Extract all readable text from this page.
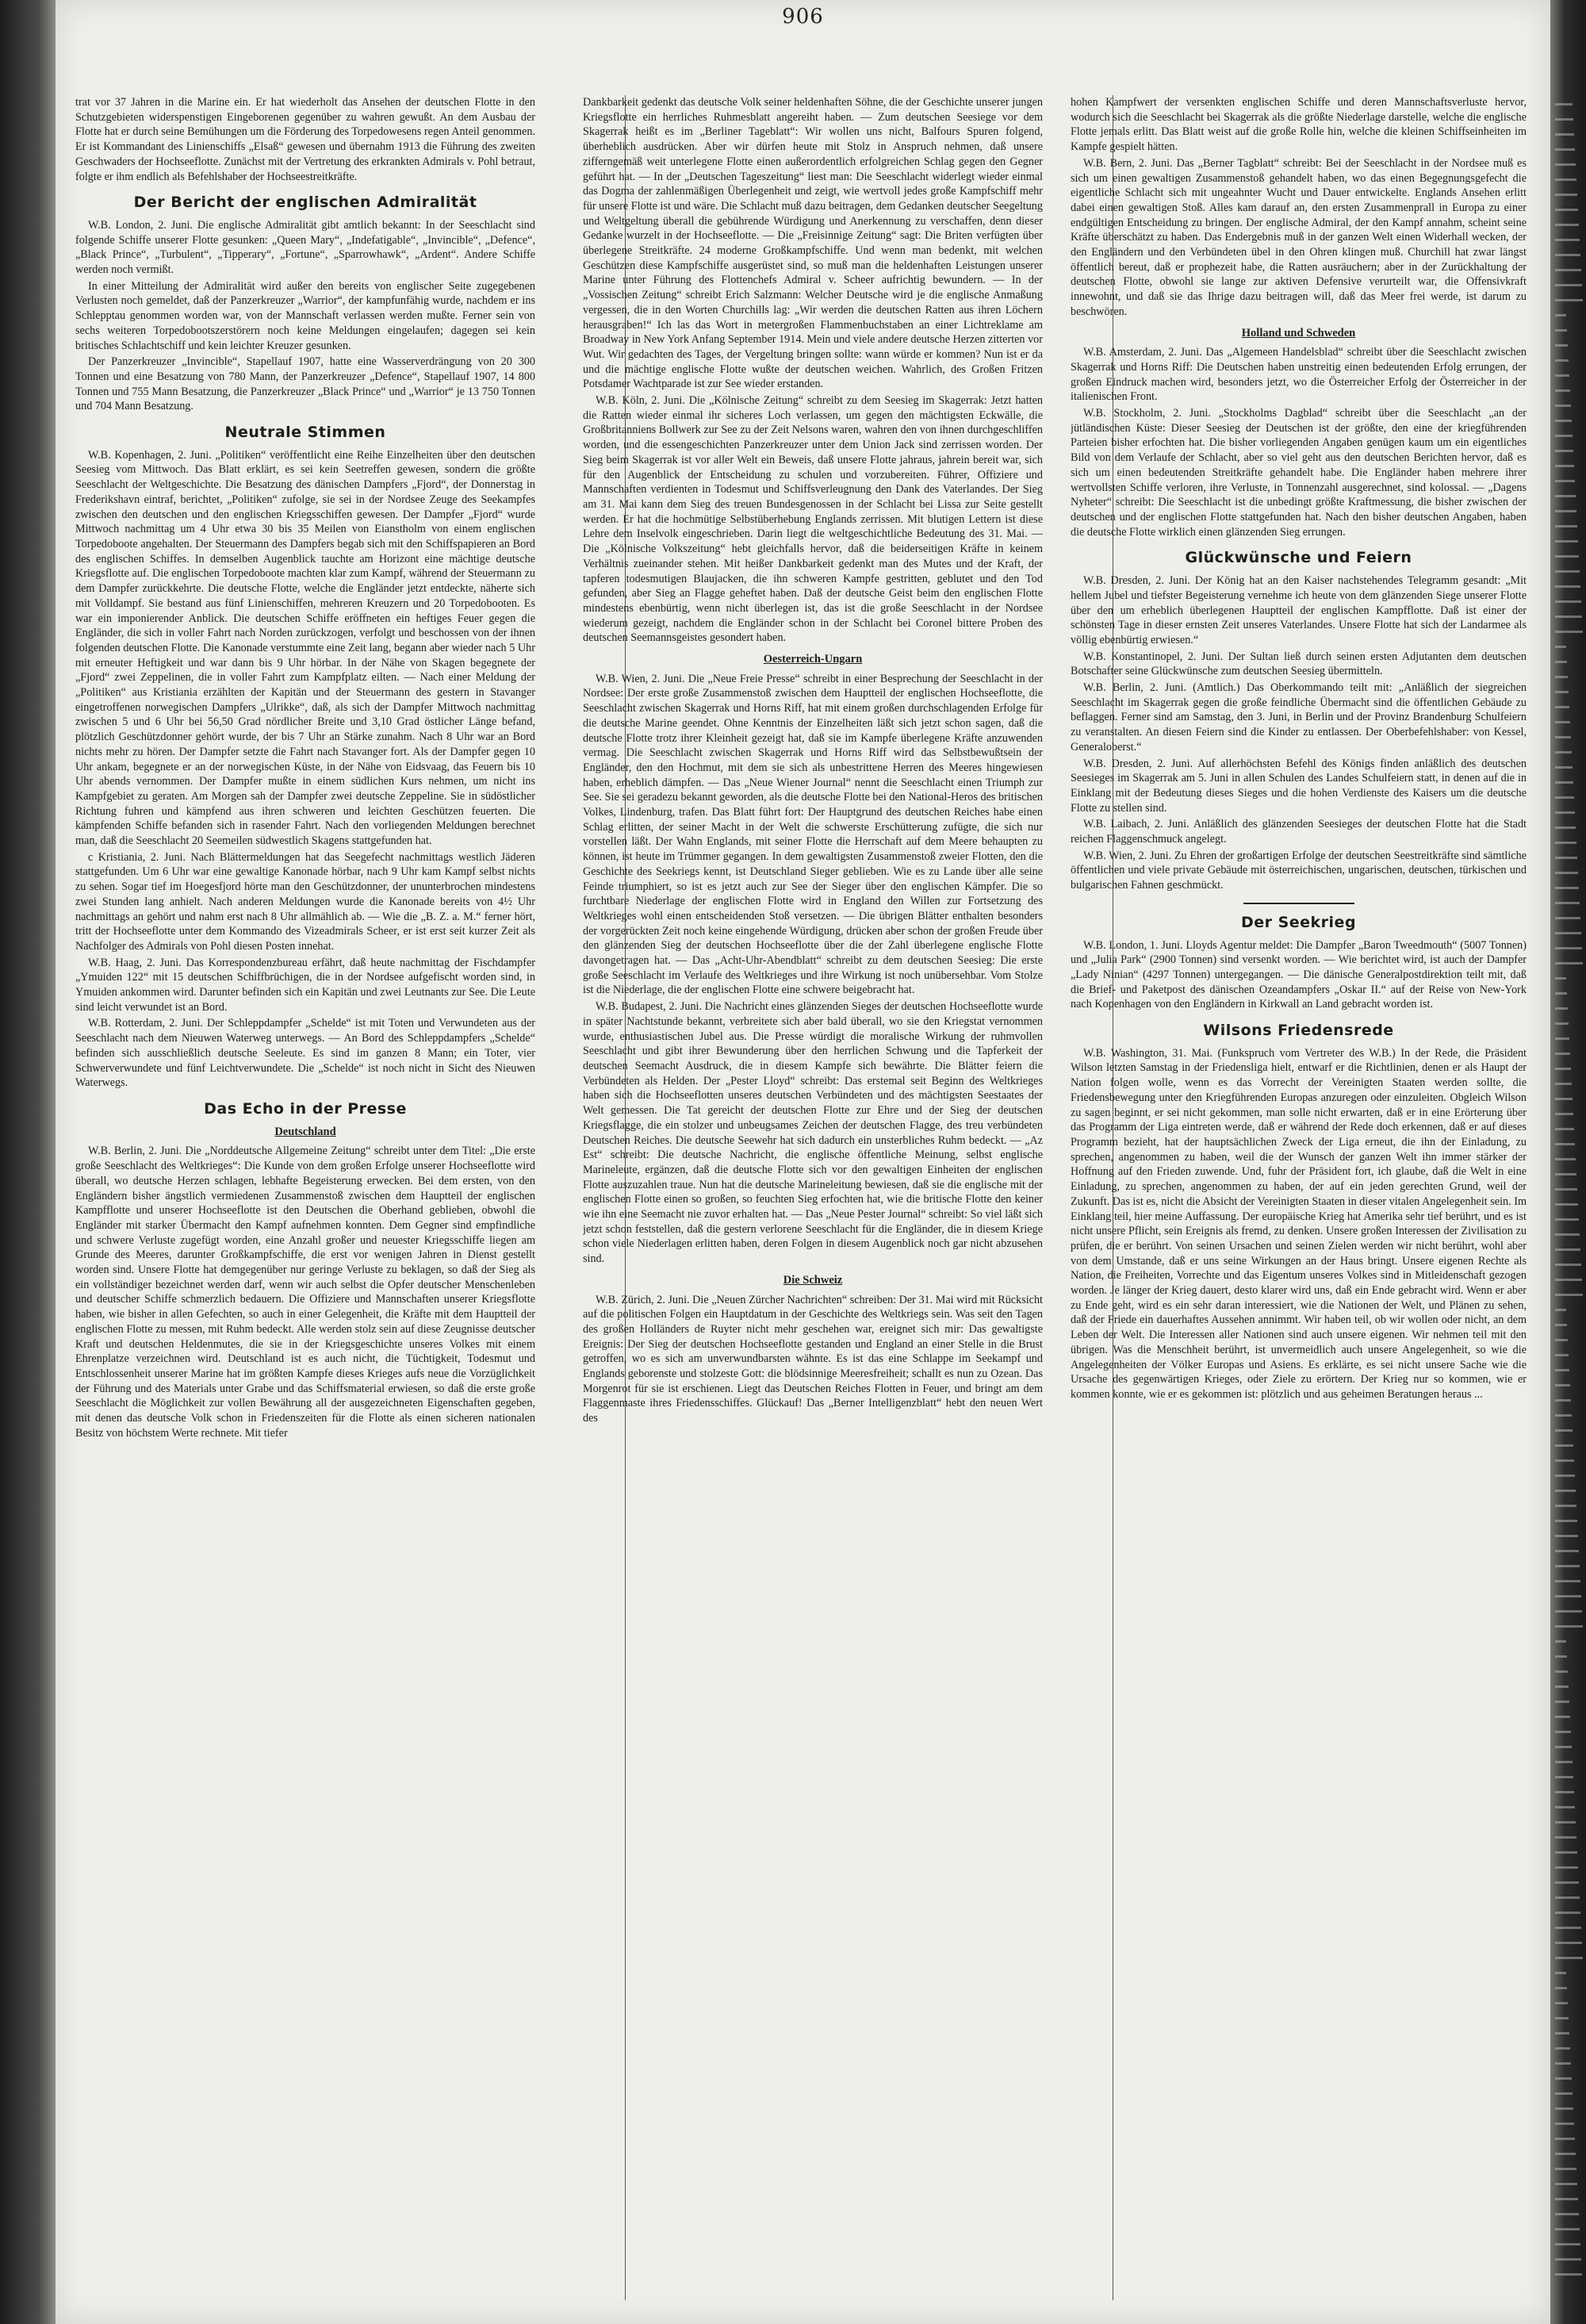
906

trat vor 37 Jahren in die Marine ein. Er hat wiederholt das Ansehen der deutschen Flotte in den Schutzgebieten widerspenstigen Eingeborenen gegenüber zu wahren gewußt. An dem Ausbau der Flotte hat er durch seine Bemühungen um die Förderung des Torpedowesens regen Anteil genommen. Er ist Kommandant des Linienschiffs „Elsaß“ gewesen und übernahm 1913 die Führung des zweiten Geschwaders der Hochseeflotte. Zunächst mit der Vertretung des erkrankten Admirals v. Pohl betraut, folgte er ihm endlich als Befehlshaber der Hochseestreitkräfte.

Der Bericht der englischen Admiralität

W.B. London, 2. Juni. Die englische Admiralität gibt amtlich bekannt: In der Seeschlacht sind folgende Schiffe unserer Flotte gesunken: „Queen Mary“, „Indefatigable“, „Invincible“, „Defence“, „Black Prince“, „Turbulent“, „Tipperary“, „Fortune“, „Sparrowhawk“, „Ardent“. Andere Schiffe werden noch vermißt.

In einer Mitteilung der Admiralität wird außer den bereits von englischer Seite zugegebenen Verlusten noch gemeldet, daß der Panzerkreuzer „Warrior“, der kampfunfähig wurde, nachdem er ins Schlepptau genommen worden war, von der Mannschaft verlassen werden mußte. Ferner sein von sechs weiteren Torpedobootszerstörern noch keine Meldungen eingelaufen; dagegen sei kein britisches Schlachtschiff und kein leichter Kreuzer gesunken.

Der Panzerkreuzer „Invincible“, Stapellauf 1907, hatte eine Wasserverdrängung von 20 300 Tonnen und eine Besatzung von 780 Mann, der Panzerkreuzer „Defence“, Stapellauf 1907, 14 800 Tonnen und 755 Mann Besatzung, die Panzerkreuzer „Black Prince“ und „Warrior“ je 13 750 Tonnen und 704 Mann Besatzung.

Neutrale Stimmen

W.B. Kopenhagen, 2. Juni. „Politiken“ veröffentlicht eine Reihe Einzelheiten über den deutschen Seesieg vom Mittwoch. Das Blatt erklärt, es sei kein Seetreffen gewesen, sondern die größte Seeschlacht der Weltgeschichte. Die Besatzung des dänischen Dampfers „Fjord“, der Donnerstag in Frederikshavn eintraf, berichtet, „Politiken“ zufolge, sie sei in der Nordsee Zeuge des Seekampfes zwischen den deutschen und den englischen Kriegsschiffen gewesen. Der Dampfer „Fjord“ wurde Mittwoch nachmittag um 4 Uhr etwa 30 bis 35 Meilen von Eianstholm von einem englischen Torpedoboote angehalten. Der Steuermann des Dampfers begab sich mit den Schiffspapieren an Bord des englischen Schiffes. In demselben Augenblick tauchte am Horizont eine mächtige deutsche Kriegsflotte auf. Die englischen Torpedoboote machten klar zum Kampf, während der Steuermann zu dem Dampfer zurückkehrte. Die deutsche Flotte, welche die Engländer jetzt entdeckte, näherte sich mit Volldampf. Sie bestand aus fünf Linienschiffen, mehreren Kreuzern und 20 Torpedobooten. Es war ein imponierender Anblick. Die deutschen Schiffe eröffneten ein heftiges Feuer gegen die Engländer, die sich in voller Fahrt nach Norden zurückzogen, verfolgt und beschossen von der ihnen folgenden deutschen Flotte. Die Kanonade verstummte eine Zeit lang, begann aber wieder nach 5 Uhr mit erneuter Heftigkeit und war dann bis 9 Uhr hörbar. In der Nähe von Skagen begegnete der „Fjord“ zwei Zeppelinen, die in voller Fahrt zum Kampfplatz eilten. — Nach einer Meldung der „Politiken“ aus Kristiania erzählten der Kapitän und der Steuermann des gestern in Stavanger eingetroffenen norwegischen Dampfers „Ulrikke“, daß, als sich der Dampfer Mittwoch nachmittag zwischen 5 und 6 Uhr bei 56,50 Grad nördlicher Breite und 3,10 Grad östlicher Länge befand, plötzlich Geschützdonner gehört wurde, der bis 7 Uhr an Stärke zunahm. Nach 8 Uhr war an Bord nichts mehr zu hören. Der Dampfer setzte die Fahrt nach Stavanger fort. Als der Dampfer gegen 10 Uhr ankam, begegnete er an der norwegischen Küste, in der Nähe von Eidsvaag, das Feuern bis 10 Uhr abends vernommen. Der Dampfer mußte in einem südlichen Kurs nehmen, um nicht ins Kampfgebiet zu geraten. Am Morgen sah der Dampfer zwei deutsche Zeppeline. Sie in südöstlicher Richtung fuhren und kämpfend aus ihren schweren und leichten Geschützen feuerten. Die kämpfenden Schiffe befanden sich in rasender Fahrt. Nach den vorliegenden Meldungen berechnet man, daß die Seeschlacht 20 Seemeilen südwestlich Skagens stattgefunden hat.

c Kristiania, 2. Juni. Nach Blättermeldungen hat das Seegefecht nachmittags westlich Jäderen stattgefunden. Um 6 Uhr war eine gewaltige Kanonade hörbar, nach 9 Uhr kam Kampf selbst nichts zu sehen. Sogar tief im Hoegesfjord hörte man den Geschützdonner, der ununterbrochen mindestens zwei Stunden lang anhielt. Nach anderen Meldungen wurde die Kanonade bereits von 4½ Uhr nachmittags an gehört und nahm erst nach 8 Uhr allmählich ab. — Wie die „B. Z. a. M.“ ferner hört, tritt der Hochseeflotte unter dem Kommando des Vizeadmirals Scheer, er ist erst seit kurzer Zeit als Nachfolger des Admirals von Pohl diesen Posten innehat.

W.B. Haag, 2. Juni. Das Korrespondenzbureau erfährt, daß heute nachmittag der Fischdampfer „Ymuiden 122“ mit 15 deutschen Schiffbrüchigen, die in der Nordsee aufgefischt worden sind, in Ymuiden ankommen wird. Darunter befinden sich ein Kapitän und zwei Leutnants zur See. Die Leute sind leicht verwundet ist an Bord.

W.B. Rotterdam, 2. Juni. Der Schleppdampfer „Schelde“ ist mit Toten und Verwundeten aus der Seeschlacht nach dem Nieuwen Waterweg unterwegs. — An Bord des Schleppdampfers „Schelde“ befinden sich ausschließlich deutsche Seeleute. Es sind im ganzen 8 Mann; ein Toter, vier Schwerverwundete und fünf Leichtverwundete. Die „Schelde“ ist noch nicht in Sicht des Nieuwen Waterwegs.

Das Echo in der Presse
Deutschland

W.B. Berlin, 2. Juni. Die „Norddeutsche Allgemeine Zeitung“ schreibt unter dem Titel: „Die erste große Seeschlacht des Weltkrieges“: Die Kunde von dem großen Erfolge unserer Hochseeflotte wird überall, wo deutsche Herzen schlagen, lebhafte Begeisterung erwecken. Bei dem ersten, von den Engländern bisher ängstlich vermiedenen Zusammenstoß zwischen dem Hauptteil der englischen Kampfflotte und unserer Hochseeflotte ist den Deutschen die Oberhand geblieben, obwohl die Engländer mit starker Übermacht den Kampf aufnehmen konnten. Dem Gegner sind empfindliche und schwere Verluste zugefügt worden, eine Anzahl großer und neuester Kriegsschiffe liegen am Grunde des Meeres, darunter Großkampfschiffe, die erst vor wenigen Jahren in Dienst gestellt worden sind. Unsere Flotte hat demgegenüber nur geringe Verluste zu beklagen, so daß der Sieg als ein vollständiger bezeichnet werden darf, wenn wir auch selbst die Opfer deutscher Menschenleben und deutscher Schiffe schmerzlich bedauern. Die Offiziere und Mannschaften unserer Kriegsflotte haben, wie bisher in allen Gefechten, so auch in einer Gelegenheit, die Kräfte mit dem Hauptteil der englischen Flotte zu messen, mit Ruhm bedeckt. Alle werden stolz sein auf diese Zeugnisse deutscher Kraft und deutschen Heldenmutes, die sie in der Kriegsgeschichte unseres Volkes mit einem Ehrenplatze verzeichnen wird. Deutschland ist es auch nicht, die Tüchtigkeit, Todesmut und Entschlossenheit unserer Marine hat im größten Kampfe dieses Krieges aufs neue die Vorzüglichkeit der Führung und des Materials unter Grabe und das Schiffsmaterial erwiesen, so daß die erste große Seeschlacht die Möglichkeit zur vollen Bewährung all der ausgezeichneten Eigenschaften gegeben, mit denen das deutsche Volk schon in Friedenszeiten für die Flotte als einen sicheren nationalen Besitz von höchstem Werte rechnete. Mit tiefer

Dankbarkeit gedenkt das deutsche Volk seiner heldenhaften Söhne, die der Geschichte unserer jungen Kriegsflotte ein herrliches Ruhmesblatt angereiht haben. — Zum deutschen Seesiege vor dem Skagerrak heißt es im „Berliner Tageblatt“: Wir wollen uns nicht, Balfours Spuren folgend, überheblich ausdrücken. Aber wir dürfen heute mit Stolz in Anspruch nehmen, daß unsere zifferngemäß weit unterlegene Flotte einen außerordentlich erfolgreichen Schlag gegen den Gegner geführt hat. — In der „Deutschen Tageszeitung“ liest man: Die Seeschlacht widerlegt wieder einmal das Dogma der zahlenmäßigen Überlegenheit und zeigt, wie wertvoll jedes große Kampfschiff mehr für unsere Flotte ist und wäre. Die Schlacht muß dazu beitragen, dem Gedanken deutscher Seegeltung und Weltgeltung überall die gebührende Würdigung und Anerkennung zu verschaffen, denn dieser Gedanke wurzelt in der Hochseeflotte. — Die „Freisinnige Zeitung“ sagt: Die Briten verfügten über überlegene Streitkräfte. 24 moderne Großkampfschiffe. Und wenn man bedenkt, mit welchen Geschützen diese Kampfschiffe ausgerüstet sind, so muß man die heldenhaften Leistungen unserer Marine unter Führung des Flottenchefs Admiral v. Scheer aufrichtig bewundern. — In der „Vossischen Zeitung“ schreibt Erich Salzmann: Welcher Deutsche wird je die englische Anmaßung vergessen, die in den Worten Churchills lag: „Wir werden die deutschen Ratten aus ihren Löchern herausgraben!“ Ich las das Wort in metergroßen Flammenbuchstaben an einer Lichtreklame am Broadway in New York Anfang September 1914. Mein und viele andere deutsche Herzen zitterten vor Wut. Wir gedachten des Tages, der Vergeltung bringen sollte: wann würde er kommen? Nun ist er da und die mächtige englische Flotte wußte der deutschen weichen. Wahrlich, des Großen Fritzen Potsdamer Wachtparade ist zur See wieder erstanden.

W.B. Köln, 2. Juni. Die „Kölnische Zeitung“ schreibt zu dem Seesieg im Skagerrak: Jetzt hatten die Ratten wieder einmal ihr sicheres Loch verlassen, um gegen den mächtigsten Eckwälle, die Großbritanniens Bollwerk zur See zu der Zeit Nelsons waren, wahren den von ihnen durchgeschliffen worden, und die essengeschichten Panzerkreuzer unter dem Union Jack sind zerrissen worden. Der Sieg beim Skagerrak ist vor aller Welt ein Beweis, daß unsere Flotte jahraus, jahrein bereit war, sich für den Augenblick der Entscheidung zu schulen und vorzubereiten. Führer, Offiziere und Mannschaften verdienten in Todesmut und Schiffsverleugnung den Dank des Vaterlandes. Der Sieg am 31. Mai kann dem Sieg des treuen Bundesgenossen in der Schlacht bei Lissa zur Seite gestellt werden. Er hat die hochmütige Selbstüberhebung Englands zerrissen. Mit blutigen Lettern ist diese Lehre dem Inselvolk eingeschrieben. Darin liegt die weltgeschichtliche Bedeutung des 31. Mai. — Die „Kölnische Volkszeitung“ hebt gleichfalls hervor, daß die beiderseitigen Kräfte in keinem Verhältnis zueinander stehen. Mit heißer Dankbarkeit gedenkt man des Mutes und der Kraft, der tapferen todesmutigen Blaujacken, die ihn schweren Kampfe gestritten, geblutet und den Tod gefunden, aber Sieg an Flagge geheftet haben. Daß der deutsche Geist beim den englischen Flotte mindestens ebenbürtig, wenn nicht überlegen ist, das ist die große Seeschlacht in der Nordsee wiederum gezeigt, nachdem die Engländer schon in der Schlacht bei Coronel bittere Proben des deutschen Seemannsgeistes gesondert haben.

Oesterreich-Ungarn

W.B. Wien, 2. Juni. Die „Neue Freie Presse“ schreibt in einer Besprechung der Seeschlacht in der Nordsee: Der erste große Zusammenstoß zwischen dem Hauptteil der englischen Hochseeflotte, die Seeschlacht zwischen Skagerrak und Horns Riff, hat mit einem großen durchschlagenden Erfolge für die deutsche Marine geendet. Ohne Kenntnis der Einzelheiten läßt sich jetzt schon sagen, daß die deutsche Flotte trotz ihrer Kleinheit gezeigt hat, daß sie im Kampfe überlegene Kräfte anzuwenden vermag. Die Seeschlacht zwischen Skagerrak und Horns Riff wird das Selbstbewußtsein der Engländer, den den Hochmut, mit dem sie sich als unbestrittene Herren des Meeres hingewiesen haben, erheblich dämpfen. — Das „Neue Wiener Journal“ nennt die Seeschlacht einen Triumph zur See. Sie sei geradezu bekannt geworden, als die deutsche Flotte bei den National-Heros des britischen Volkes, Lindenburg, trafen. Das Blatt führt fort: Der Hauptgrund des deutschen Reiches habe einen Schlag erlitten, der seiner Macht in der Welt die schwerste Erschütterung zufügte, die sich nur vorstellen läßt. Der Wahn Englands, mit seiner Flotte die Herrschaft auf dem Meere behaupten zu können, ist heute im Trümmer gegangen. In dem gewaltigsten Zusammenstoß zweier Flotten, den die Geschichte des Seekriegs kennt, ist Deutschland Sieger geblieben. Wie es zu Lande über alle seine Feinde triumphiert, so ist es jetzt auch zur See der Sieger über den englischen Kämpfer. Die so furchtbare Niederlage der englischen Flotte wird in England den Willen zur Fortsetzung des Weltkrieges wohl einen entscheidenden Stoß versetzen. — Die übrigen Blätter enthalten besonders der vorgerückten Zeit noch keine eingehende Würdigung, drücken aber schon der großen Freude über den glänzenden Sieg der deutschen Hochseeflotte über die der Zahl überlegene englische Flotte davongetragen hat. — Das „Acht-Uhr-Abendblatt“ schreibt zu dem deutschen Seesieg: Die erste große Seeschlacht im Verlaufe des Weltkrieges und ihre Wirkung ist noch unübersehbar. Vom Stolze ist die Niederlage, die der englischen Flotte eine schwere beigebracht hat.

W.B. Budapest, 2. Juni. Die Nachricht eines glänzenden Sieges der deutschen Hochseeflotte wurde in später Nachtstunde bekannt, verbreitete sich aber bald überall, wo sie den Kriegstat vernommen wurde, enthusiastischen Jubel aus. Die Presse würdigt die moralische Wirkung der ruhmvollen Seeschlacht und gibt ihrer Bewunderung über den herrlichen Schwung und die Tapferkeit der deutschen Seemacht Ausdruck, die in diesem Kampfe sich bewährte. Die Blätter feiern die Verbündeten als Helden. Der „Pester Lloyd“ schreibt: Das erstemal seit Beginn des Weltkrieges haben sich die Hochseeflotten unseres deutschen Verbündeten und des mächtigsten Seestaates der Welt gemessen. Die Tat gereicht der deutschen Flotte zur Ehre und der Sieg der deutschen Kriegsflagge, die ein stolzer und unbeugsames Zeichen der deutschen Flagge, des treu verbündeten Deutschen Reiches. Die deutsche Seewehr hat sich dadurch ein unsterbliches Ruhm bedeckt. — „Az Est“ schreibt: Die deutsche Nachricht, die englische öffentliche Meinung, selbst englische Marineleute, ergänzen, daß die deutsche Flotte sich vor den gewaltigen Einheiten der englischen Flotte auszuzahlen traue. Nun hat die deutsche Marineleitung bewiesen, daß sie die englische mit der englischen Flotte einen so großen, so feuchten Sieg erfochten hat, wie die britische Flotte den keiner wie ihn eine Seemacht nie zuvor erhalten hat. — Das „Neue Pester Journal“ schreibt: So viel läßt sich jetzt schon feststellen, daß die gestern verlorene Seeschlacht für die Engländer, die in diesem Kriege schon viele Niederlagen erlitten haben, deren Folgen in diesem Augenblick noch gar nicht abzusehen sind.

Die Schweiz

W.B. Zürich, 2. Juni. Die „Neuen Zürcher Nachrichten“ schreiben: Der 31. Mai wird mit Rücksicht auf die politischen Folgen ein Hauptdatum in der Geschichte des Weltkriegs sein. Was seit den Tagen des großen Holländers de Ruyter nicht mehr geschehen war, ereignet sich mir: Das gewaltigste Ereignis: Der Sieg der deutschen Hochseeflotte gestanden und England an einer Stelle in die Brust getroffen, wo es sich am unverwundbarsten wähnte. Es ist das eine Schlappe im Seekampf und Englands geborenste und stolzeste Gott: die blödsinnige Meeresfreiheit; schallt es nun zu Ozean. Das Morgenrot für sie ist erschienen. Liegt das Deutschen Reiches Flotten in Feuer, und bringt am dem Flaggenmaste ihres Friedensschiffes. Glückauf! Das „Berner Intelligenzblatt“ hebt den neuen Wert des

hohen Kampfwert der versenkten englischen Schiffe und deren Mannschaftsverluste hervor, wodurch sich die Seeschlacht bei Skagerrak als die größte Niederlage darstelle, welche die englische Flotte jemals erlitt. Das Blatt weist auf die große Rolle hin, welche die kleinen Schiffseinheiten im Kampfe gespielt hätten.

W.B. Bern, 2. Juni. Das „Berner Tagblatt“ schreibt: Bei der Seeschlacht in der Nordsee muß es sich um einen gewaltigen Zusammenstoß gehandelt haben, wo das einen Begegnungsgefecht die eigentliche Schlacht sich mit ungeahnter Wucht und Dauer entwickelte. Englands Ansehen erlitt dabei einen gewaltigen Stoß. Alles kam darauf an, den ersten Zusammenprall in Europa zu einer endgültigen Entscheidung zu bringen. Der englische Admiral, der den Kampf annahm, scheint seine Kräfte überschätzt zu haben. Das Endergebnis muß in der ganzen Welt einen Widerhall wecken, der den Engländern und den Verbündeten übel in den Ohren klingen muß. Churchill hat zwar längst öffentlich bereut, daß er prophezeit habe, die Ratten ausräuchern; aber in der Zurückhaltung der deutschen Flotte, obwohl sie lange zur aktiven Defensive verurteilt war, die Offensivkraft innewohnt, und daß sie das Ihrige dazu beitragen will, daß das Meer frei werde, ist darum zu beschwören.

Holland und Schweden

W.B. Amsterdam, 2. Juni. Das „Algemeen Handelsblad“ schreibt über die Seeschlacht zwischen Skagerrak und Horns Riff: Die Deutschen haben unstreitig einen bedeutenden Erfolg errungen, der großen Eindruck machen wird, besonders jetzt, wo die Österreicher Erfolg der Österreicher in der italienischen Front.

W.B. Stockholm, 2. Juni. „Stockholms Dagblad“ schreibt über die Seeschlacht „an der jütländischen Küste: Dieser Seesieg der Deutschen ist der größte, den eine der kriegführenden Parteien bisher erfochten hat. Die bisher vorliegenden Angaben genügen kaum um ein eigentliches Bild von dem Verlaufe der Schlacht, aber so viel geht aus den deutschen Berichten hervor, daß es sich um einen bedeutenden Streitkräfte gehandelt habe. Die Engländer haben mehrere ihrer wertvollsten Schiffe verloren, ihre Verluste, in Tonnenzahl ausgerechnet, sind kolossal. — „Dagens Nyheter“ schreibt: Die Seeschlacht ist die unbedingt größte Kraftmessung, die bisher zwischen der deutschen und der englischen Flotte stattgefunden hat. Nach den bisher deutschen Angaben, haben die deutsche Flotte wirklich einen glänzenden Sieg errungen.

Glückwünsche und Feiern

W.B. Dresden, 2. Juni. Der König hat an den Kaiser nachstehendes Telegramm gesandt: „Mit hellem Jubel und tiefster Begeisterung vernehme ich heute von dem glänzenden Siege unserer Flotte über den um erheblich überlegenen Hauptteil der englischen Kampfflotte. Daß ist einer der schönsten Tage in dieser ernsten Zeit unseres Vaterlandes. Unsere Flotte hat sich der Landarmee als völlig ebenbürtig erwiesen.“

W.B. Konstantinopel, 2. Juni. Der Sultan ließ durch seinen ersten Adjutanten dem deutschen Botschafter seine Glückwünsche zum deutschen Seesieg übermitteln.

W.B. Berlin, 2. Juni. (Amtlich.) Das Oberkommando teilt mit: „Anläßlich der siegreichen Seeschlacht im Skagerrak gegen die große feindliche Übermacht sind die öffentlichen Gebäude zu beflaggen. Ferner sind am Samstag, den 3. Juni, in Berlin und der Provinz Brandenburg Schulfeiern zu veranstalten. An diesen Feiern sind die Kinder zu entlassen. Der Oberbefehlshaber: von Kessel, Generaloberst.“

W.B. Dresden, 2. Juni. Auf allerhöchsten Befehl des Königs finden anläßlich des deutschen Seesieges im Skagerrak am 5. Juni in allen Schulen des Landes Schulfeiern statt, in denen auf die in Einklang mit der Bedeutung dieses Sieges und die hohen Verdienste des Kaisers um die deutsche Flotte zu stellen sind.

W.B. Laibach, 2. Juni. Anläßlich des glänzenden Seesieges der deutschen Flotte hat die Stadt reichen Flaggenschmuck angelegt.

W.B. Wien, 2. Juni. Zu Ehren der großartigen Erfolge der deutschen Seestreitkräfte sind sämtliche öffentlichen und viele private Gebäude mit österreichischen, ungarischen, deutschen, türkischen und bulgarischen Fahnen geschmückt.

Der Seekrieg

W.B. London, 1. Juni. Lloyds Agentur meldet: Die Dampfer „Baron Tweedmouth“ (5007 Tonnen) und „Julia Park“ (2900 Tonnen) sind versenkt worden. — Wie berichtet wird, ist auch der Dampfer „Lady Ninian“ (4297 Tonnen) untergegangen. — Die dänische Generalpostdirektion teilt mit, daß die Brief- und Paketpost des dänischen Ozeandampfers „Oskar II.“ auf der Reise von New-York nach Kopenhagen von den Engländern in Kirkwall an Land gebracht worden ist.

Wilsons Friedensrede

W.B. Washington, 31. Mai. (Funkspruch vom Vertreter des W.B.) In der Rede, die Präsident Wilson letzten Samstag in der Friedensliga hielt, entwarf er die Richtlinien, denen er als Haupt der Nation folgen wolle, wenn es das Vorrecht der Vereinigten Staaten werden sollte, die Friedensbewegung unter den Kriegführenden Europas anzuregen oder einzuleiten. Obgleich Wilson zu sagen beginnt, er sei nicht gekommen, man solle nicht erwarten, daß er in eine Erörterung über das Programm der Liga eintreten werde, daß er während der Rede doch erkennen, daß er auf dieses Programm bezieht, hat der hauptsächlichen Zweck der Liga erneut, die ihn der Einladung, zu sprechen, angenommen zu haben, weil die der Wunsch der ganzen Welt ihn immer stärker der Hoffnung auf den Frieden zuwende. Und, fuhr der Präsident fort, ich glaube, daß die Welt in eine Einladung, zu sprechen, angenommen zu haben, der auf ein jeden gerechten Grund, weil der Zukunft. Das ist es, nicht die Absicht der Vereinigten Staaten in dieser vitalen Angelegenheit sein. Im Einklang teil, hier meine Auffassung. Der europäische Krieg hat Amerika sehr tief berührt, und es ist nicht unsere Pflicht, sein Ereignis als fremd, zu denken. Unsere großen Interessen der Zivilisation zu prüfen, die er berührt. Von seinen Ursachen und seinen Zielen werden wir nicht berührt, wohl aber von dem Umstande, daß er uns seine Wirkungen an der Haus bringt. Unsere eigenen Rechte als Nation, die Freiheiten, Vorrechte und das Eigentum unseres Volkes sind in Mitleidenschaft gezogen worden. Je länger der Krieg dauert, desto klarer wird uns, daß ein Ende gebracht wird. Wenn er aber zu Ende geht, wird es ein sehr daran interessiert, wie die Nationen der Welt, und Plänen zu sehen, daß der Friede ein dauerhaftes Aussehen annimmt. Wir haben teil, ob wir wollen oder nicht, an dem Leben der Welt. Die Interessen aller Nationen sind auch unsere eigenen. Wir nehmen teil mit den übrigen. Was die Menschheit berührt, ist unvermeidlich auch unsere Angelegenheit, so wie die Angelegenheiten der Völker Europas und Asiens. Es erklärte, es sei nicht unsere Sache wie die Ursache des gegenwärtigen Krieges, oder Ziele zu erörtern. Der Krieg nur so kommen, wie er kommen konnte, wie er es gekommen ist: plötzlich und aus geheimen Beratungen heraus ...
